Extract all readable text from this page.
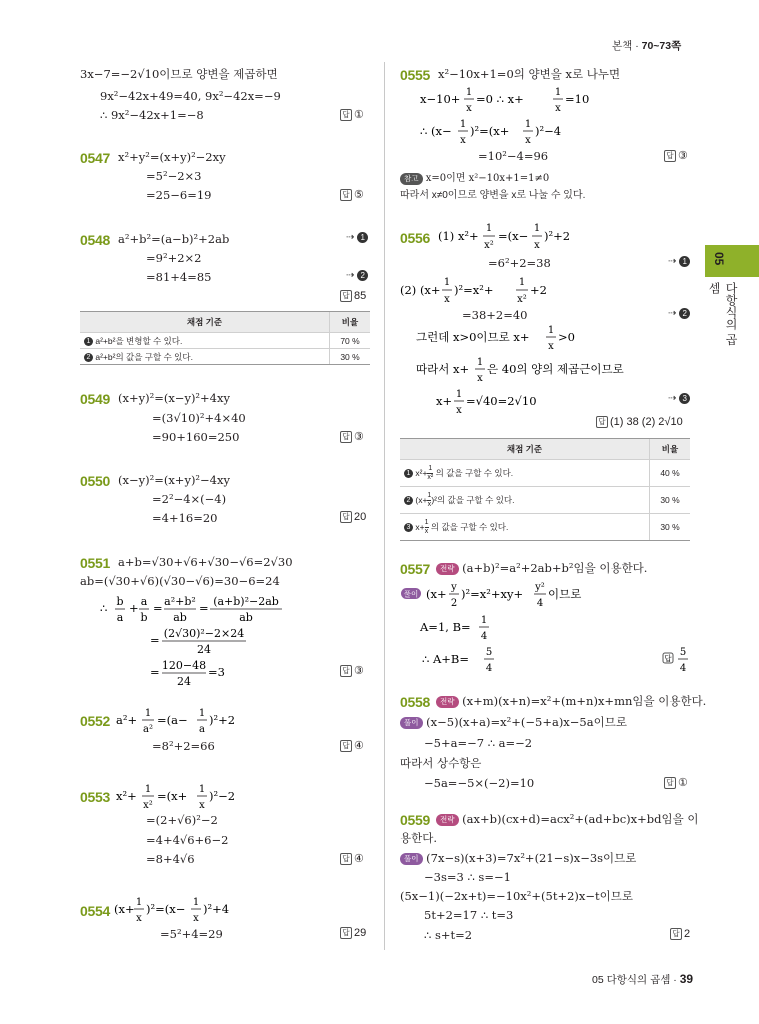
본책 · 70~73쪽
05
다항식의 곱셈
3x−7=−2√10이므로 양변을 제곱하면
9x²−42x+49=40, 9x²−42x=−9
∴ 9x²−42x+1=−8	답 ①
0547 x²+y²=(x+y)²−2xy
=5²−2×3
=25−6=19	답 ⑤
0548 a²+b²=(a−b)²+2ab
=9²+2×2
=81+4=85
⇢ 1
⇢ 2
답 85
채점 기준	비율
1 a²+b²을 변형할 수 있다.	70 %
2 a²+b²의 값을 구할 수 있다.	30 %
0549 (x+y)²=(x−y)²+4xy
=(3√10)²+4×40
=90+160=250	답 ③
0550 (x−y)²=(x+y)²−4xy
=2²−4×(−4)
=4+16=20	답 20
0551 a+b=√30+√6+√30−√6=2√30
ab=(√30+√6)(√30−√6)=30−6=24
∴ b
a
+ a
b
= a²+b²
ab
= (a+b)²−2ab
ab
= (2√30)²−2×24
24
= 120−48
24
=3	답 ③
0552 a²+ 1
a²
=(a− 1
a
)²+2
=8²+2=66	답 ④
0553 x²+ 1
x²
=(x+ 1
x
)²−2
=(2+√6)²−2
=4+4√6+6−2
=8+4√6	답 ④
0554 (x+ 1
x
)²=(x− 1
x
)²+4
=5²+4=29	답 29
0555 x²−10x+1=0의 양변을 x로 나누면
x−10+ 1
x
=0 ∴ x+	1
x
=10
∴ (x− 1
x
)²=(x+ 1
x
)²−4
=10²−4=96	답 ③
참고 x=0이면 x²−10x+1=1≠0
따라서 x≠0이므로 양변을 x로 나눌 수 있다.
0556 (1) x²+
1
x²
=(x−
1
x
)²+2
=6²+2=38	⇢ 1
(2) (x+
1
x
)²=x²+
1
x²
+2
=38+2=40	⇢ 2
그런데 x>0이므로 x+ 1
x
>0
따라서 x+ 1
x
은 40의 양의 제곱근이므로
x+ 1
x
=√40=2√10	⇢ 3
답 (1) 38 (2) 2√10
채점 기준	비율
1 $x^2+ \frac{1}{\text{x²}}$ 의 값을 구할 수 있다.	40 %
2 $(x+ \frac{1}{x} )^2$의 값을 구할 수 있다.	30 %
3 $x+ \frac{1}{x}$ 의 값을 구할 수 있다.	30 %
0557	전략 (a+b)²=a²+2ab+b²임을 이용한다.
풀이 (x+ y
2
)²=x²+xy+ y²
4
이므로
A=1, B= 1
4
∴ A+B= 5
4
답
5
4
0558	전략 (x+m)(x+n)=x²+(m+n)x+mn임을 이용한다.
풀이 (x−5)(x+a)=x²+(−5+a)x−5a이므로
−5+a=−7 ∴ a=−2
따라서 상수항은
−5a=−5×(−2)=10	답 ①
0559	전략 (ax+b)(cx+d)=acx²+(ad+bc)x+bd임을 이
용한다.
풀이 (7x−s)(x+3)=7x²+(21−s)x−3s이므로
−3s=3 ∴ s=−1
(5x−1)(−2x+t)=−10x²+(5t+2)x−t이므로
5t+2=17 ∴ t=3
∴ s+t=2	답 2
05 다항식의 곱셈 · 39
